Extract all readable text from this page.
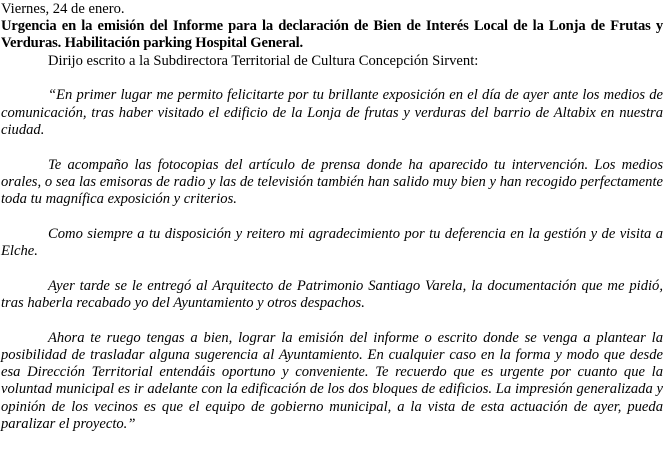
Viernes, 24 de enero.

Urgencia en la emisión del Informe para la declaración de Bien de Interés Local de la Lonja de Frutas y Verduras. Habilitación parking Hospital General.

Dirijo escrito a la Subdirectora Territorial de Cultura Concepción Sirvent:

“En primer lugar me permito felicitarte por tu brillante exposición en el día de ayer ante los medios de comunicación, tras haber visitado el edificio de la Lonja de frutas y verduras del barrio de Altabix en nuestra ciudad.

Te acompaño las fotocopias del artículo de prensa donde ha aparecido tu intervención. Los medios orales, o sea las emisoras de radio y las de televisión también han salido muy bien y han recogido perfectamente toda tu magnífica exposición y criterios.

Como siempre a tu disposición y reitero mi agradecimiento por tu deferencia en la gestión y de visita a Elche.

Ayer tarde se le entregó al Arquitecto de Patrimonio Santiago Varela, la documentación que me pidió, tras haberla recabado yo del Ayuntamiento y otros despachos.

Ahora te ruego tengas a bien, lograr la emisión del informe o escrito donde se venga a plantear la posibilidad de trasladar alguna sugerencia al Ayuntamiento. En cualquier caso en la forma y modo que desde esa Dirección Territorial entendáis oportuno y conveniente. Te recuerdo que es urgente por cuanto que la voluntad municipal es ir adelante con la edificación de los dos bloques de edificios. La impresión generalizada y opinión de los vecinos es que el equipo de gobierno municipal, a la vista de esta actuación de ayer, pueda paralizar el proyecto.”
